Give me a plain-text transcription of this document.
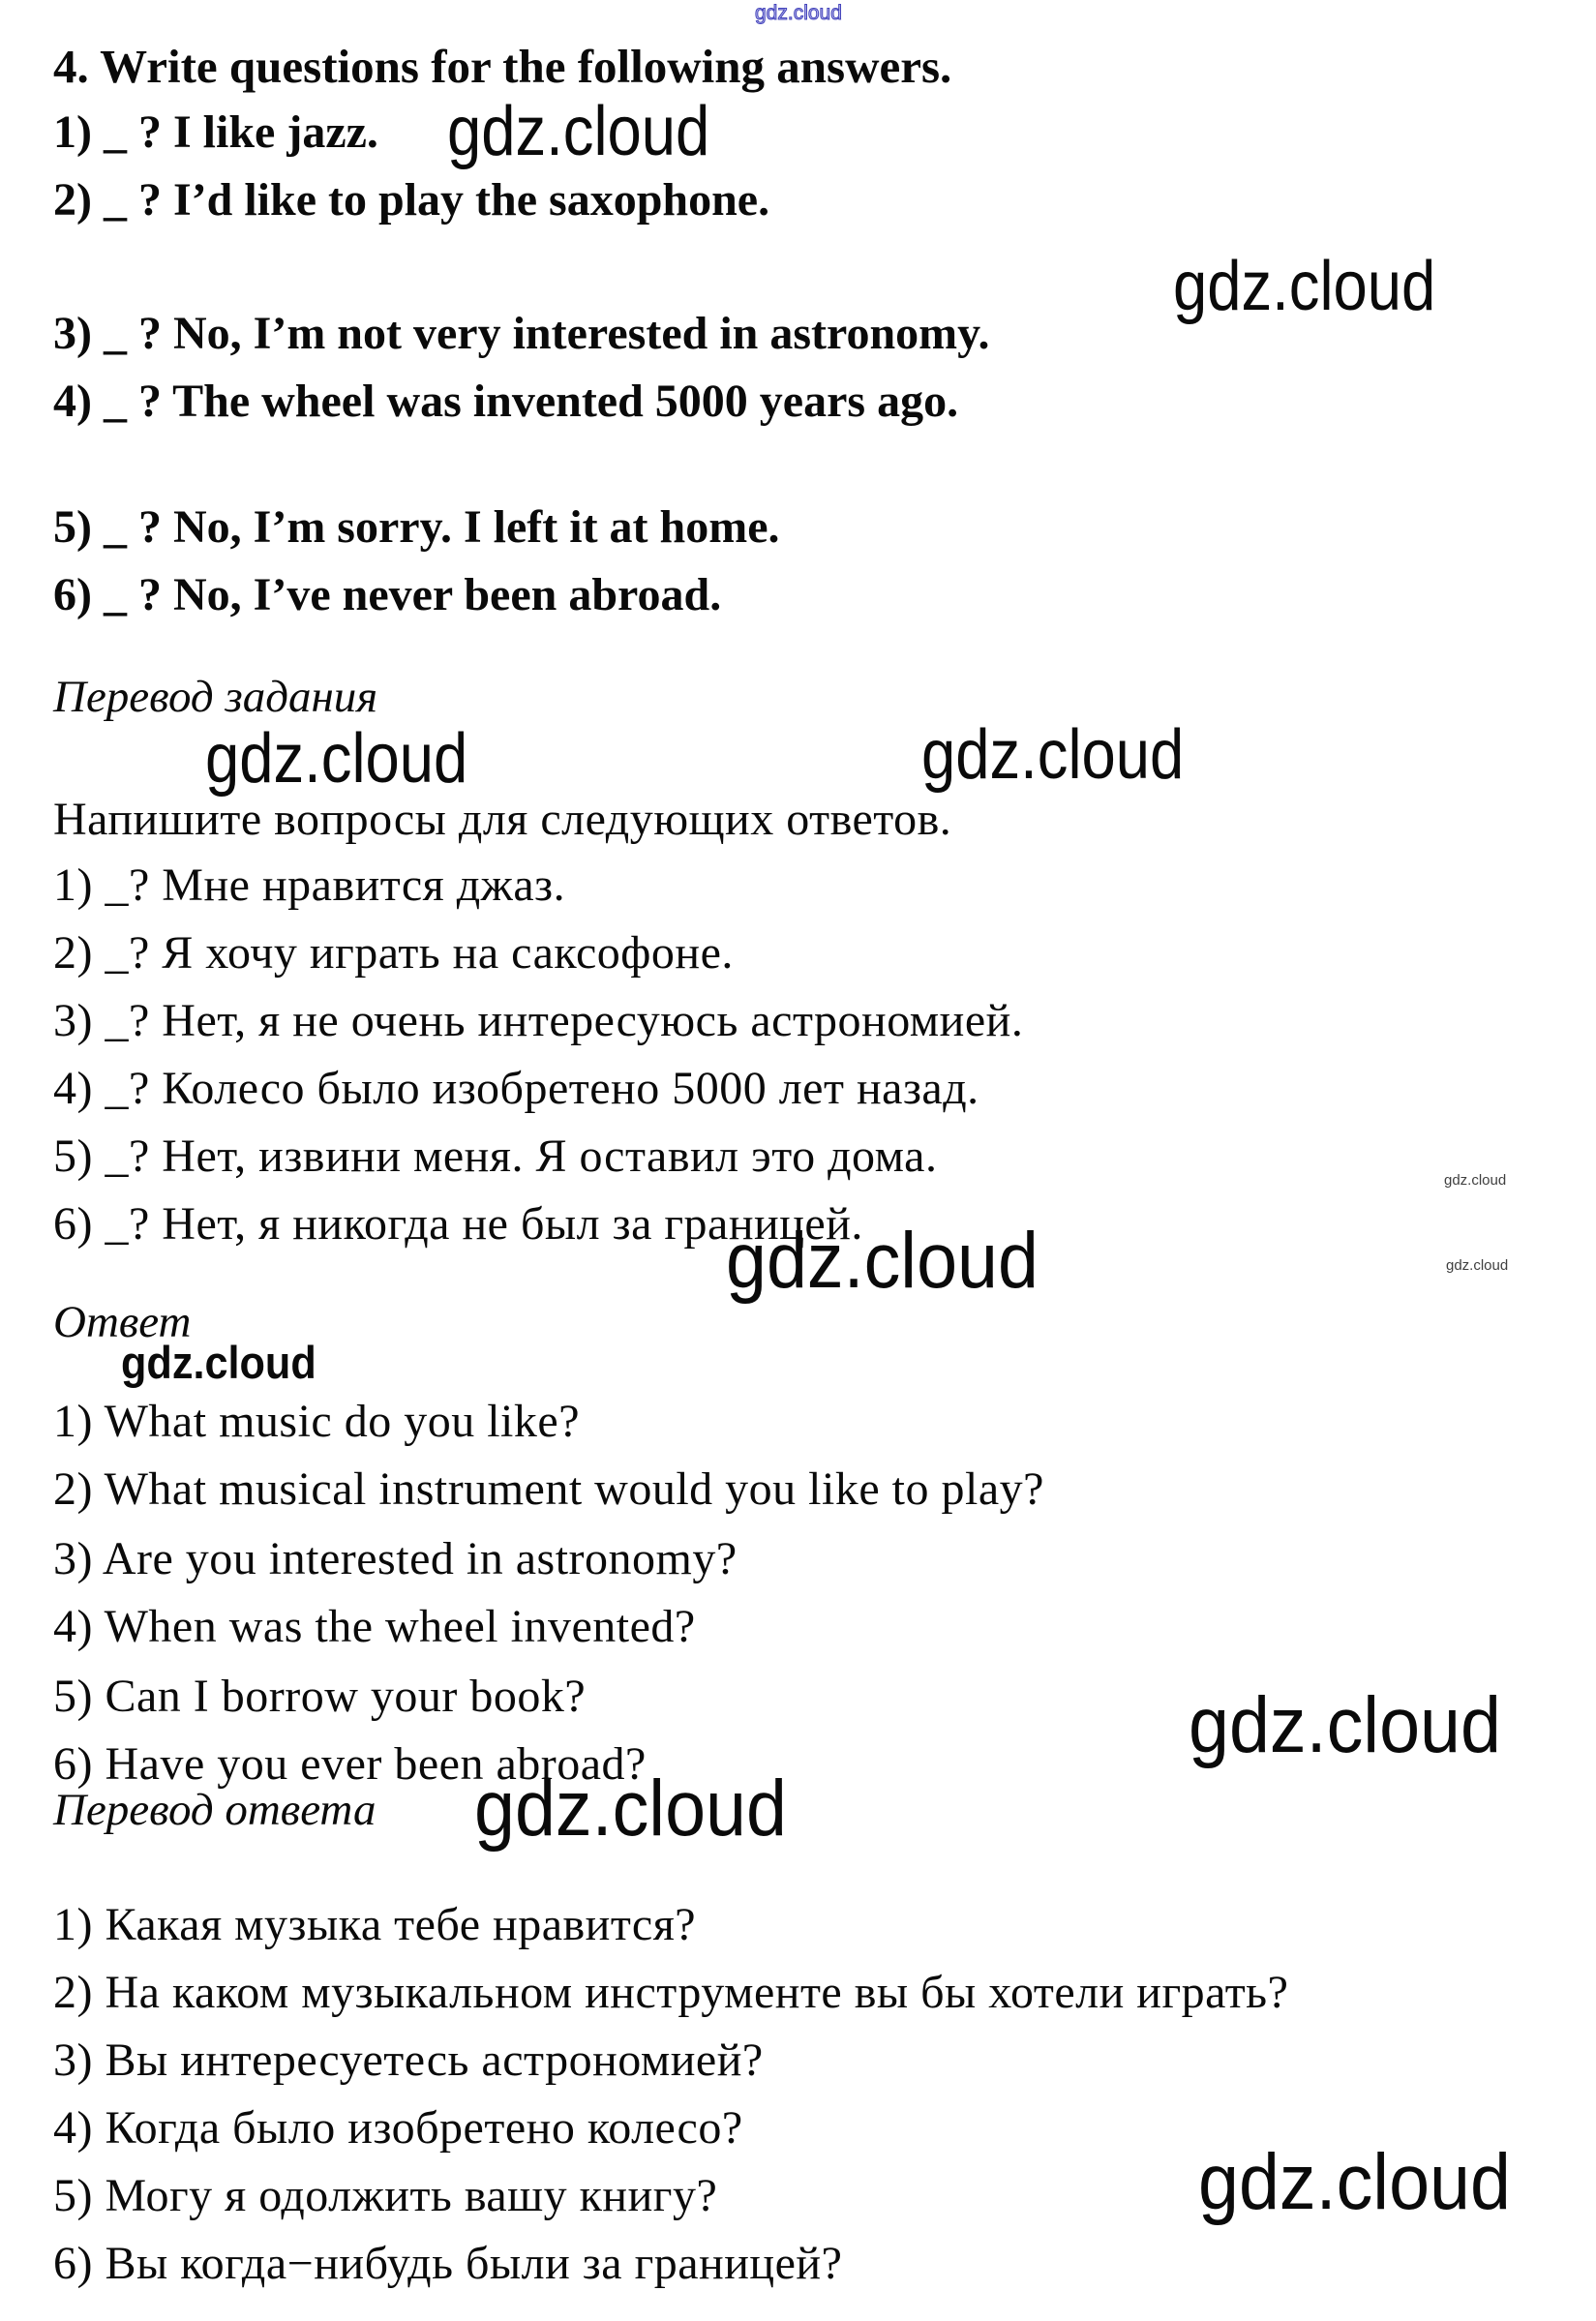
gdz.cloud
4. Write questions for the following answers.
1) _ ? I like jazz. gdz.cloud
2) _ ? I’d like to play the saxophone.
3) _ ? No, I’m not very interested in astronomy.
gdz.cloud
4) _ ? The wheel was invented 5000 years ago.
5) _ ? No, I’m sorry. I left it at home.
6) _ ? No, I’ve never been abroad.
Перевод задания
gdz.cloud	gdz.cloud
Напишите вопросы для следующих ответов.
1) _? Мне нравится джаз.
2) _? Я хочу играть на саксофоне.
3) _? Нет, я не очень интересуюсь астрономией.
4) _? Колесо было изобретено 5000 лет назад.
5) _? Нет, извини меня. Я оставил это дома.
6) _? Нет, я никогда не был за границей.
gdz.cloud
gdz.cloud
gdz.cloud
Ответ
gdz.cloud
1) What music do you like?
2) What musical instrument would you like to play?
3) Are you interested in astronomy?
4) When was the wheel invented?
5) Can I borrow your book?
6) Have you ever been abroad?	gdz.cloud
Перевод ответа gdz.cloud
1) Какая музыка тебе нравится?
2) На каком музыкальном инструменте вы бы хотели играть?
3) Вы интересуетесь астрономией?
4) Когда было изобретено колесо?
5) Могу я одолжить вашу книгу?
6) Вы когда−нибудь были за границей?
gdz.cloud
